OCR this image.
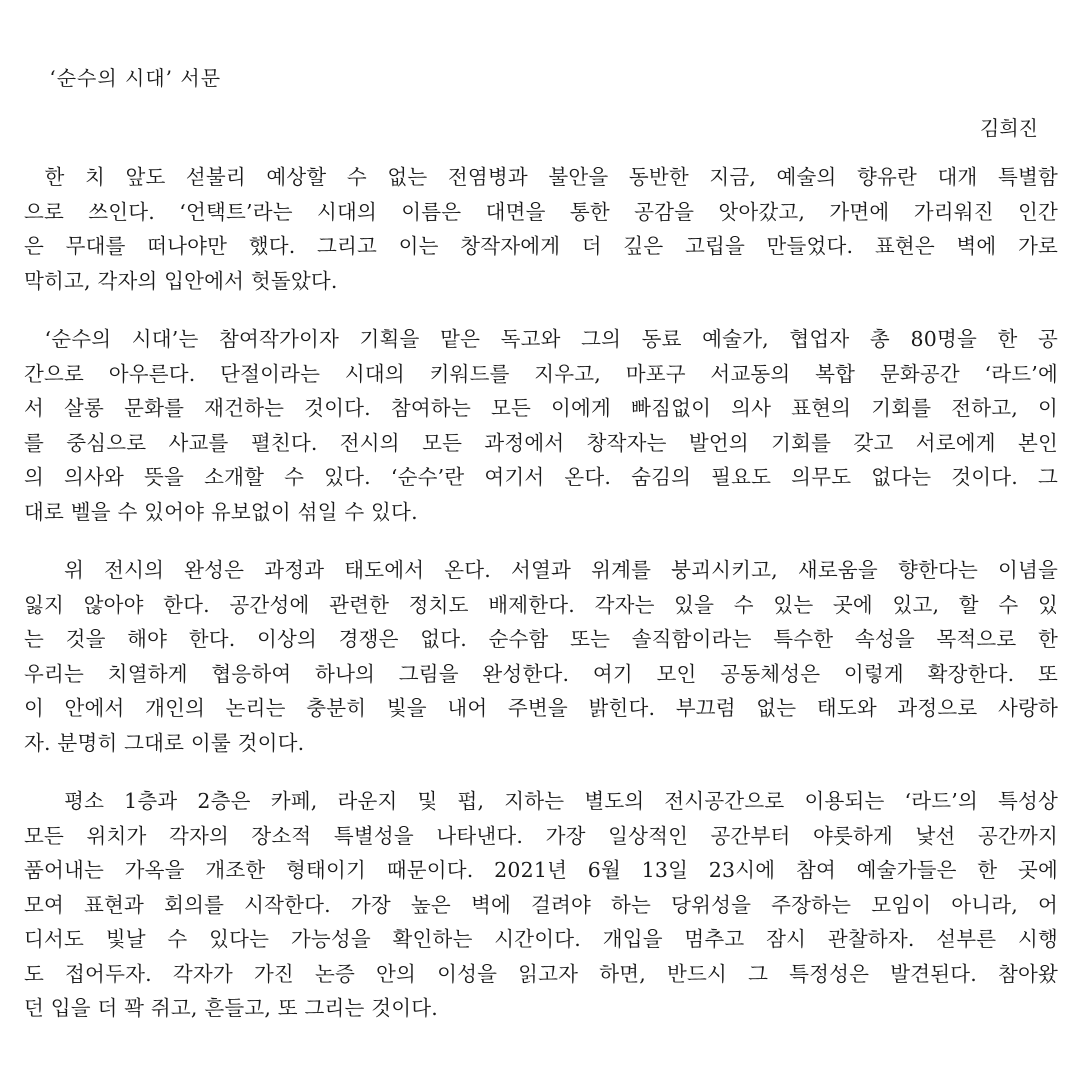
‘순수의 시대’ 서문
김희진

한 치 앞도 섣불리 예상할 수 없는 전염병과 불안을 동반한 지금, 예술의 향유란 대개 특별함
으로 쓰인다. ‘언택트’라는 시대의 이름은 대면을 통한 공감을 앗아갔고, 가면에 가리워진 인간
은 무대를 떠나야만 했다. 그리고 이는 창작자에게 더 깊은 고립을 만들었다. 표현은 벽에 가로
막히고, 각자의 입안에서 헛돌았다.

‘순수의 시대’는 참여작가이자 기획을 맡은 독고와 그의 동료 예술가, 협업자 총 80명을 한 공
간으로 아우른다. 단절이라는 시대의 키워드를 지우고, 마포구 서교동의 복합 문화공간 ‘라드’에
서 살롱 문화를 재건하는 것이다. 참여하는 모든 이에게 빠짐없이 의사 표현의 기회를 전하고, 이
를 중심으로 사교를 펼친다. 전시의 모든 과정에서 창작자는 발언의 기회를 갖고 서로에게 본인
의 의사와 뜻을 소개할 수 있다. ‘순수’란 여기서 온다. 숨김의 필요도 의무도 없다는 것이다. 그
대로 벨을 수 있어야 유보없이 섞일 수 있다.

위 전시의 완성은 과정과 태도에서 온다. 서열과 위계를 붕괴시키고, 새로움을 향한다는 이념을
잃지 않아야 한다. 공간성에 관련한 정치도 배제한다. 각자는 있을 수 있는 곳에 있고, 할 수 있
는 것을 해야 한다. 이상의 경쟁은 없다. 순수함 또는 솔직함이라는 특수한 속성을 목적으로 한
우리는 치열하게 협응하여 하나의 그림을 완성한다. 여기 모인 공동체성은 이렇게 확장한다. 또
이 안에서 개인의 논리는 충분히 빛을 내어 주변을 밝힌다. 부끄럼 없는 태도와 과정으로 사랑하
자. 분명히 그대로 이룰 것이다.

평소 1층과 2층은 카페, 라운지 및 펍, 지하는 별도의 전시공간으로 이용되는 ‘라드’의 특성상
모든 위치가 각자의 장소적 특별성을 나타낸다. 가장 일상적인 공간부터 야릇하게 낯선 공간까지
품어내는 가옥을 개조한 형태이기 때문이다. 2021년 6월 13일 23시에 참여 예술가들은 한 곳에
모여 표현과 회의를 시작한다. 가장 높은 벽에 걸려야 하는 당위성을 주장하는 모임이 아니라, 어
디서도 빛날 수 있다는 가능성을 확인하는 시간이다. 개입을 멈추고 잠시 관찰하자. 섣부른 시행
도 접어두자. 각자가 가진 논증 안의 이성을 읽고자 하면, 반드시 그 특정성은 발견된다. 참아왔
던 입을 더 꽉 쥐고, 흔들고, 또 그리는 것이다.
